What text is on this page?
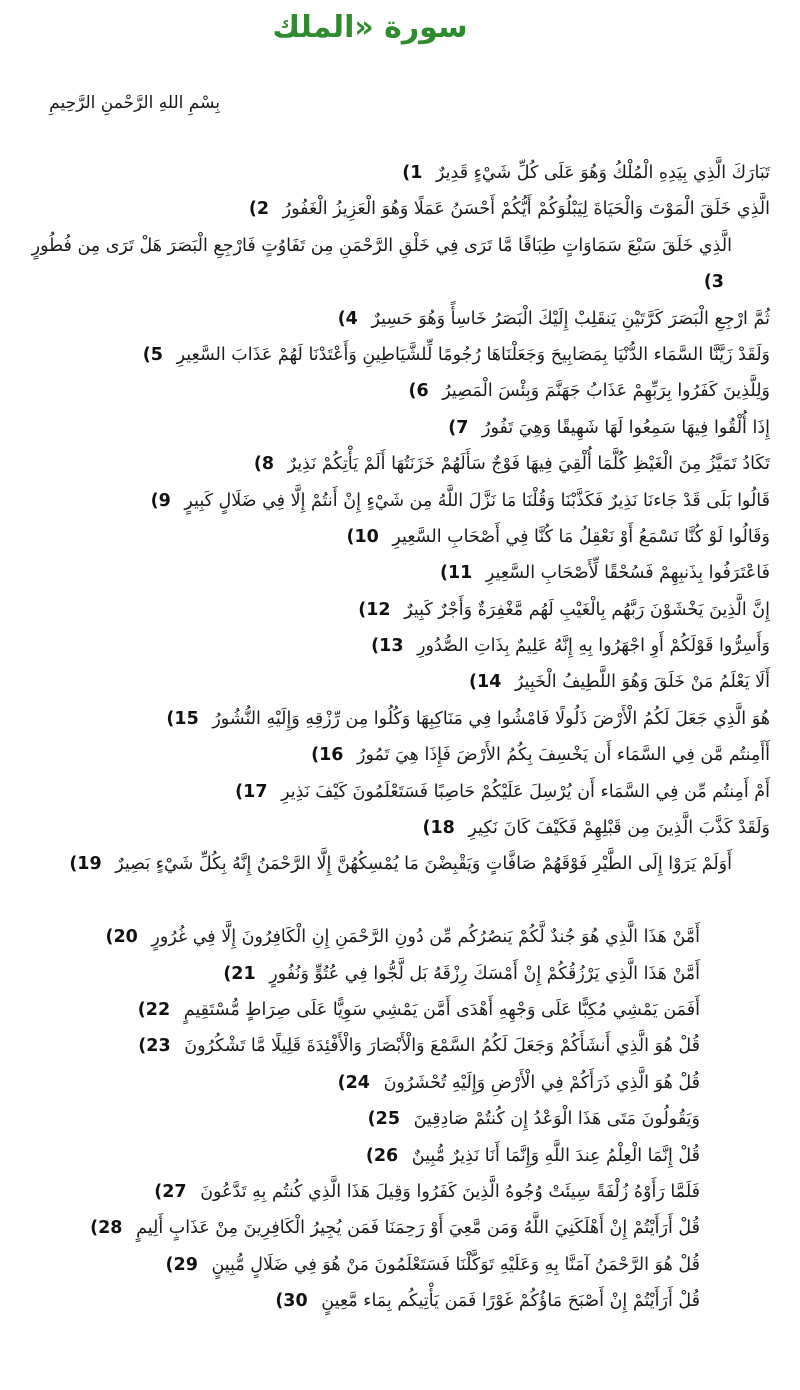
سورة «الملك
بِسْمِ اللهِ الرَّحْمنِ الرَّحِيمِ
تَبَارَكَ الَّذِي بِيَدِهِ الْمُلْكُ وَهُوَ عَلَى كُلِّ شَيْءٍ قَدِيرٌ (1
الَّذِي خَلَقَ الْمَوْتَ وَالْحَيَاةَ لِيَبْلُوَكُمْ أَيُّكُمْ أَحْسَنُ عَمَلًا وَهُوَ الْعَزِيزُ الْغَفُورُ (2
الَّذِي خَلَقَ سَبْعَ سَمَاوَاتٍ طِبَاقًا مَّا تَرَى فِي خَلْقِ الرَّحْمَنِ مِن تَفَاوُتٍ فَارْجِعِ الْبَصَرَ هَلْ تَرَى مِن فُطُورٍ (3
ثُمَّ ارْجِعِ الْبَصَرَ كَرَّتَيْنِ يَنقَلِبْ إِلَيْكَ الْبَصَرُ خَاسِأً وَهُوَ حَسِيرٌ (4
وَلَقَدْ زَيَّنَّا السَّمَاء الدُّنْيَا بِمَصَابِيحَ وَجَعَلْنَاهَا رُجُومًا لِّلشَّيَاطِينِ وَأَعْتَدْنَا لَهُمْ عَذَابَ السَّعِيرِ (5
وَلِلَّذِينَ كَفَرُوا بِرَبِّهِمْ عَذَابُ جَهَنَّمَ وَبِئْسَ الْمَصِيرُ (6
إِذَا أُلْقُوا فِيهَا سَمِعُوا لَهَا شَهِيقًا وَهِيَ تَفُورُ (7
تَكَادُ تَمَيَّزُ مِنَ الْغَيْظِ كُلَّمَا أُلْقِيَ فِيهَا فَوْجٌ سَأَلَهُمْ خَزَنَتُهَا أَلَمْ يَأْتِكُمْ نَذِيرٌ (8
قَالُوا بَلَى قَدْ جَاءنَا نَذِيرٌ فَكَذَّبْنَا وَقُلْنَا مَا نَزَّلَ اللَّهُ مِن شَيْءٍ إِنْ أَنتُمْ إِلَّا فِي ضَلَالٍ كَبِيرٍ (9
وَقَالُوا لَوْ كُنَّا نَسْمَعُ أَوْ نَعْقِلُ مَا كُنَّا فِي أَصْحَابِ السَّعِيرِ (10
فَاعْتَرَفُوا بِذَنبِهِمْ فَسُحْقًا لِّأَصْحَابِ السَّعِيرِ (11
إِنَّ الَّذِينَ يَخْشَوْنَ رَبَّهُم بِالْغَيْبِ لَهُم مَّغْفِرَةٌ وَأَجْرٌ كَبِيرٌ (12
وَأَسِرُّوا قَوْلَكُمْ أَوِ اجْهَرُوا بِهِ إِنَّهُ عَلِيمٌ بِذَاتِ الصُّدُورِ (13
أَلَا يَعْلَمُ مَنْ خَلَقَ وَهُوَ اللَّطِيفُ الْخَبِيرُ (14
هُوَ الَّذِي جَعَلَ لَكُمُ الْأَرْضَ ذَلُولًا فَامْشُوا فِي مَنَاكِبِهَا وَكُلُوا مِن رِّزْقِهِ وَإِلَيْهِ النُّشُورُ (15
أَأَمِنتُم مَّن فِي السَّمَاء أَن يَخْسِفَ بِكُمُ الأَرْضَ فَإِذَا هِيَ تَمُورُ (16
أَمْ أَمِنتُم مِّن فِي السَّمَاء أَن يُرْسِلَ عَلَيْكُمْ حَاصِبًا فَسَتَعْلَمُونَ كَيْفَ نَذِيرِ (17
وَلَقَدْ كَذَّبَ الَّذِينَ مِن قَبْلِهِمْ فَكَيْفَ كَانَ نَكِيرِ (18
أَوَلَمْ يَرَوْا إِلَى الطَّيْرِ فَوْقَهُمْ صَافَّاتٍ وَيَقْبِضْنَ مَا يُمْسِكُهُنَّ إِلَّا الرَّحْمَنُ إِنَّهُ بِكُلِّ شَيْءٍ بَصِيرٌ (19
أَمَّنْ هَذَا الَّذِي هُوَ جُندٌ لَّكُمْ يَنصُرُكُم مِّن دُونِ الرَّحْمَنِ إِنِ الْكَافِرُونَ إِلَّا فِي غُرُورٍ (20
أَمَّنْ هَذَا الَّذِي يَرْزُقُكُمْ إِنْ أَمْسَكَ رِزْقَهُ بَل لَّجُّوا فِي عُتُوٍّ وَنُفُورٍ (21
أَفَمَن يَمْشِي مُكِبًّا عَلَى وَجْهِهِ أَهْدَى أَمَّن يَمْشِي سَوِيًّا عَلَى صِرَاطٍ مُّسْتَقِيمٍ (22
قُلْ هُوَ الَّذِي أَنشَأَكُمْ وَجَعَلَ لَكُمُ السَّمْعَ وَالْأَبْصَارَ وَالْأَفْئِدَةَ قَلِيلًا مَّا تَشْكُرُونَ (23
قُلْ هُوَ الَّذِي ذَرَأَكُمْ فِي الْأَرْضِ وَإِلَيْهِ تُحْشَرُونَ (24
وَيَقُولُونَ مَتَى هَذَا الْوَعْدُ إِن كُنتُمْ صَادِقِينَ (25
قُلْ إِنَّمَا الْعِلْمُ عِندَ اللَّهِ وَإِنَّمَا أَنَا نَذِيرٌ مُّبِينٌ (26
فَلَمَّا رَأَوْهُ زُلْفَةً سِيئَتْ وُجُوهُ الَّذِينَ كَفَرُوا وَقِيلَ هَذَا الَّذِي كُنتُم بِهِ تَدَّعُونَ (27
قُلْ أَرَأَيْتُمْ إِنْ أَهْلَكَنِيَ اللَّهُ وَمَن مَّعِيَ أَوْ رَحِمَنَا فَمَن يُجِيرُ الْكَافِرِينَ مِنْ عَذَابٍ أَلِيمٍ (28
قُلْ هُوَ الرَّحْمَنُ آمَنَّا بِهِ وَعَلَيْهِ تَوَكَّلْنَا فَسَتَعْلَمُونَ مَنْ هُوَ فِي ضَلَالٍ مُّبِينٍ (29
قُلْ أَرَأَيْتُمْ إِنْ أَصْبَحَ مَاؤُكُمْ غَوْرًا فَمَن يَأْتِيكُم بِمَاء مَّعِينٍ (30
